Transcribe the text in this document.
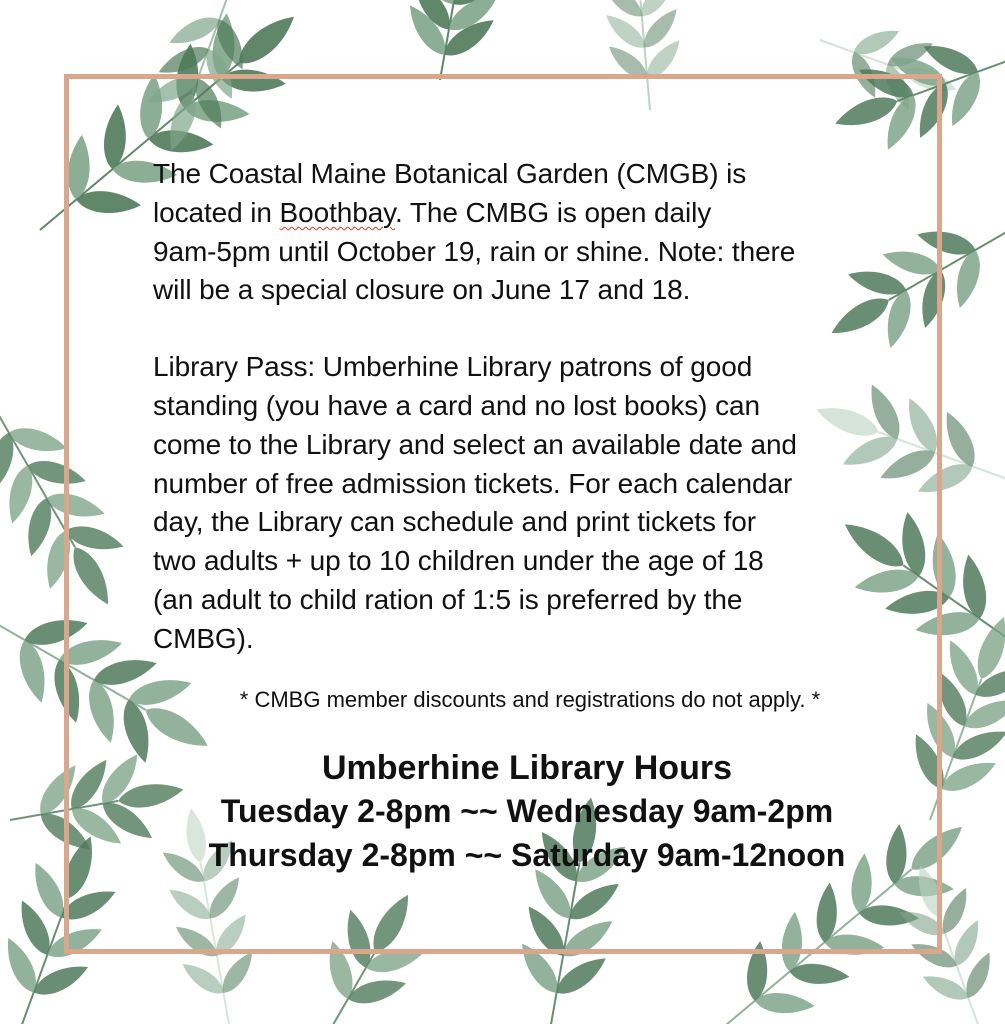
The Coastal Maine Botanical Garden (CMGB) is
located in Boothbay. The CMBG is open daily
9am-5pm until October 19, rain or shine. Note: there
will be a special closure on June 17 and 18.

Library Pass: Umberhine Library patrons of good
standing (you have a card and no lost books) can
come to the Library and select an available date and
number of free admission tickets. For each calendar
day, the Library can schedule and print tickets for
two adults + up to 10 children under the age of 18
(an adult to child ration of 1:5 is preferred by the
CMBG).

* CMBG member discounts and registrations do not apply. *

Umberhine Library Hours

Tuesday 2-8pm ~~ Wednesday 9am-2pm

Thursday 2-8pm ~~ Saturday 9am-12noon
